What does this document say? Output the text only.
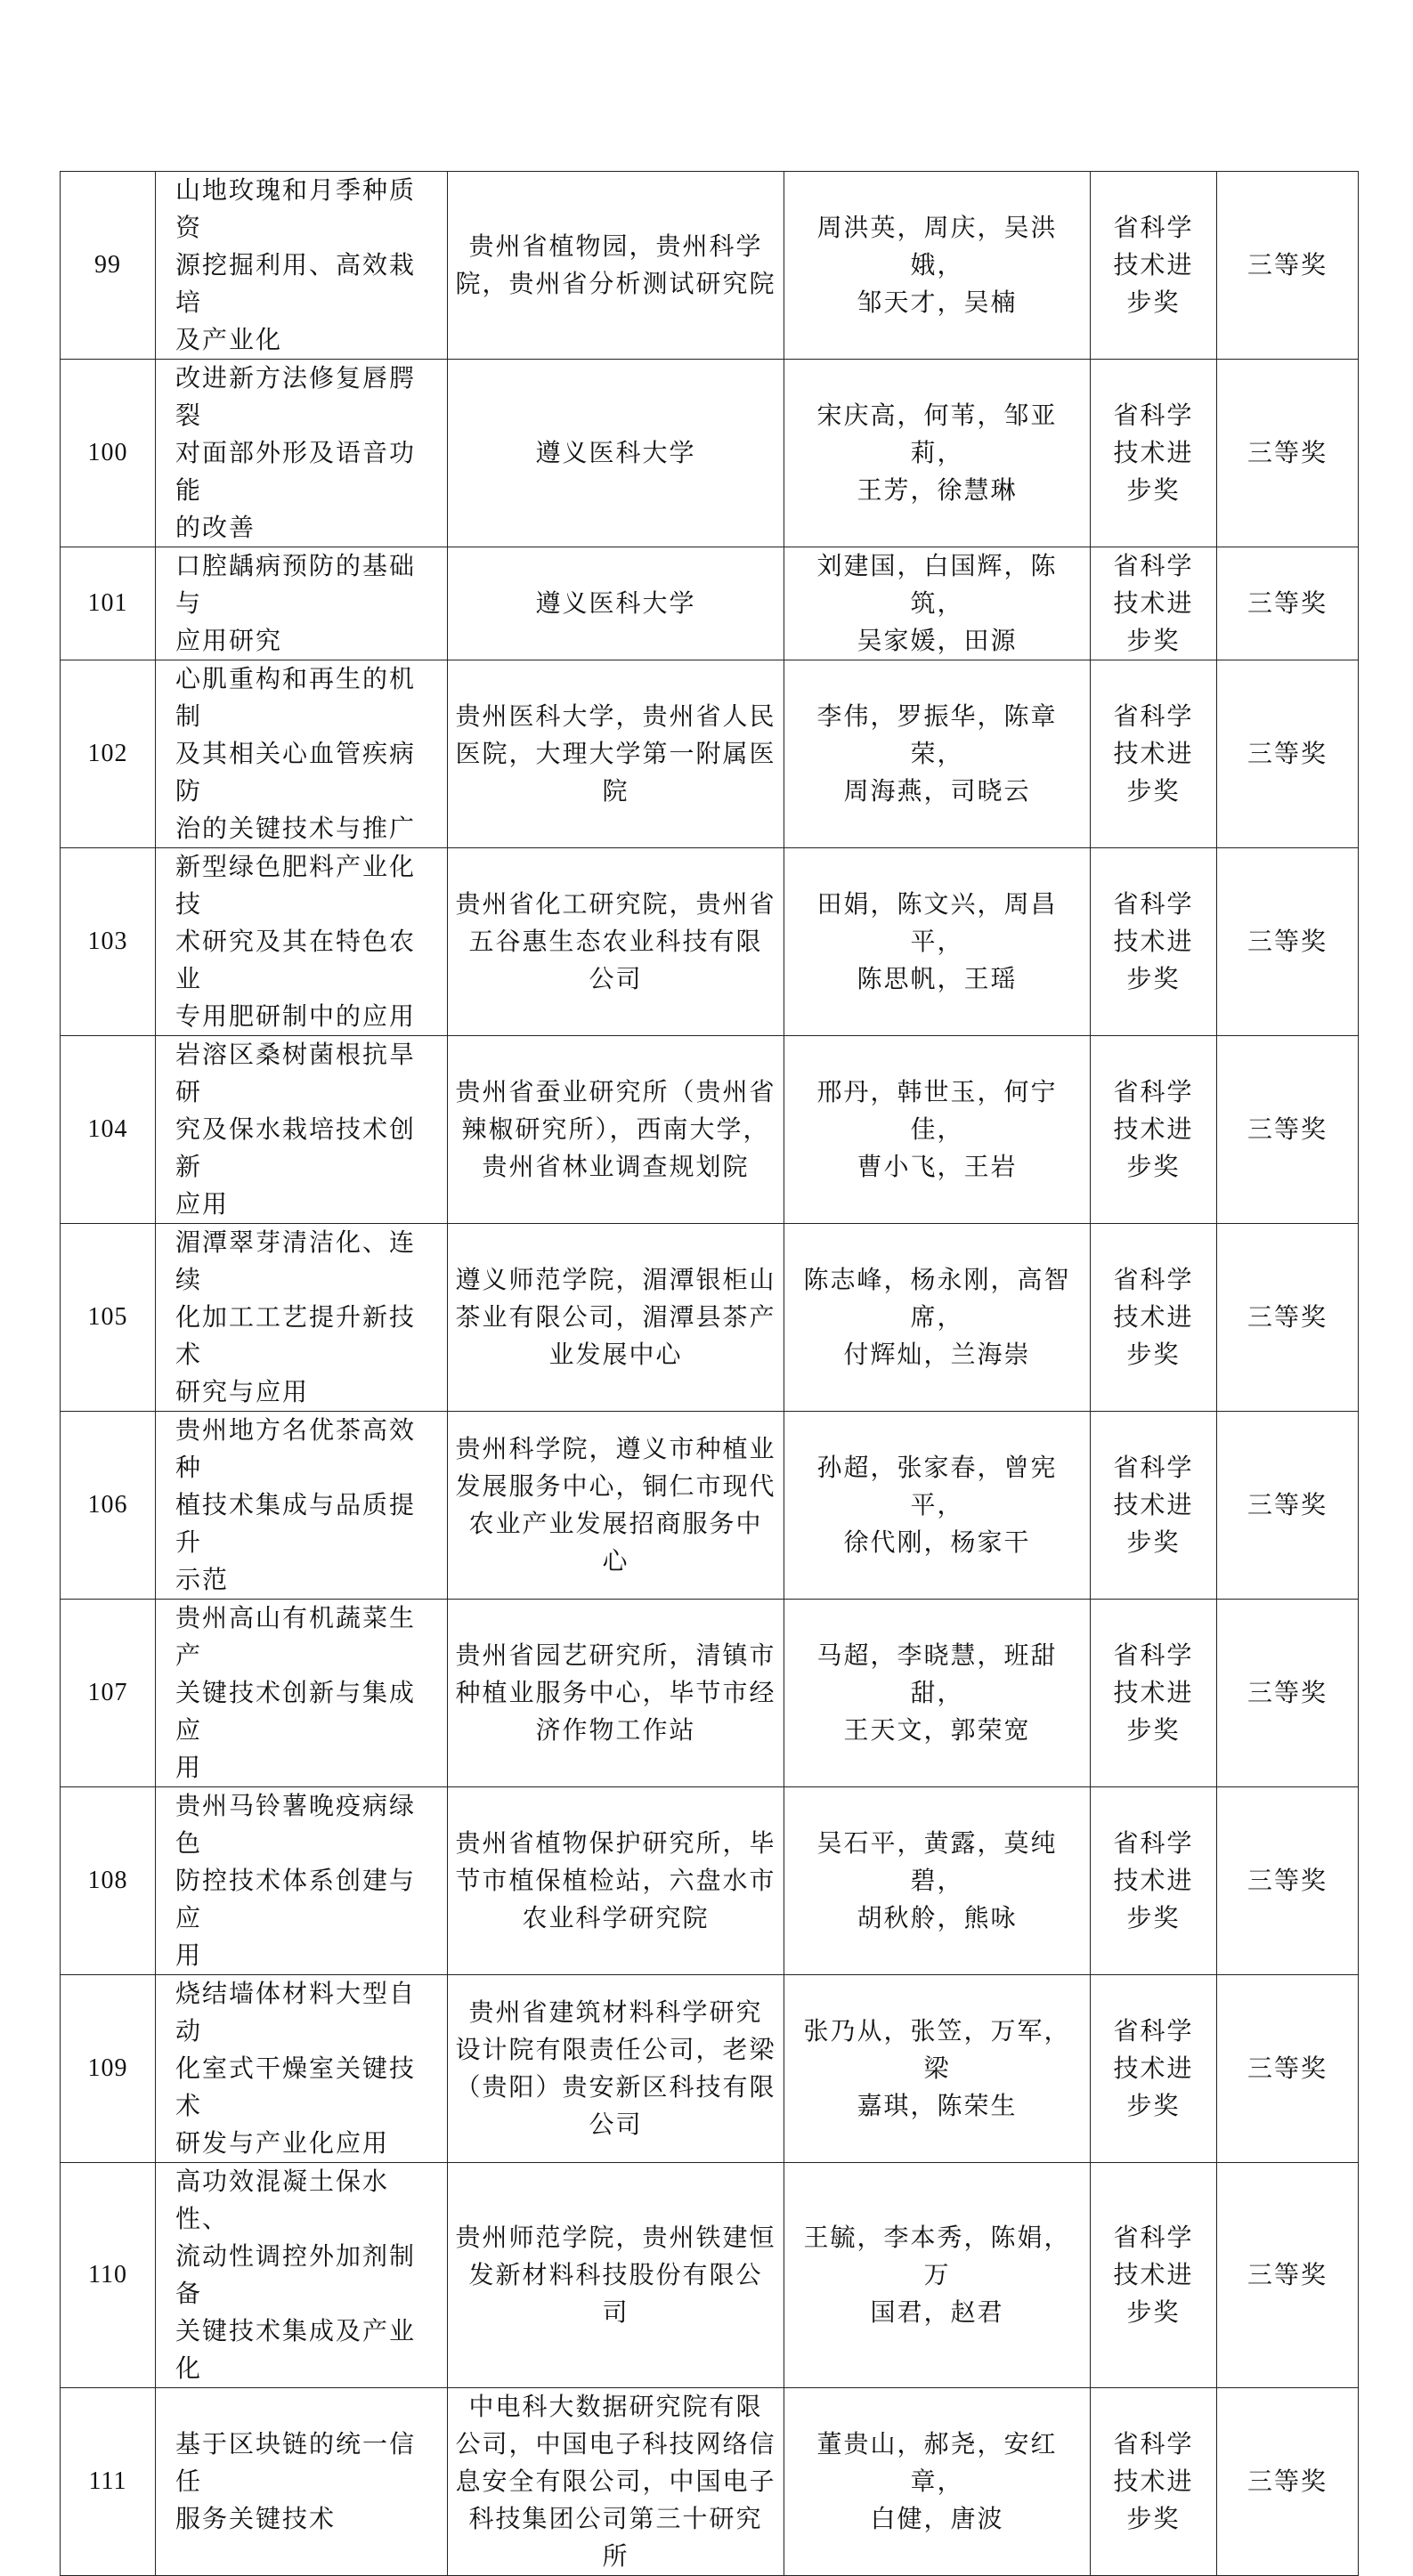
99	山地玫瑰和月季种质资
源挖掘利用、高效栽培
及产业化	贵州省植物园，贵州科学
院，贵州省分析测试研究院	周洪英，周庆，吴洪娥，
邹天才，吴楠	省科学
技术进
步奖	三等奖
100	改进新方法修复唇腭裂
对面部外形及语音功能
的改善	遵义医科大学	宋庆高，何苇，邹亚莉，
王芳，徐慧琳	省科学
技术进
步奖	三等奖
101	口腔龋病预防的基础与
应用研究	遵义医科大学	刘建国，白国辉，陈筑，
吴家媛，田源	省科学
技术进
步奖	三等奖
102	心肌重构和再生的机制
及其相关心血管疾病防
治的关键技术与推广	贵州医科大学，贵州省人民
医院，大理大学第一附属医
院	李伟，罗振华，陈章荣，
周海燕，司晓云	省科学
技术进
步奖	三等奖
103	新型绿色肥料产业化技
术研究及其在特色农业
专用肥研制中的应用	贵州省化工研究院，贵州省
五谷惠生态农业科技有限
公司	田娟，陈文兴，周昌平，
陈思帆，王瑶	省科学
技术进
步奖	三等奖
104	岩溶区桑树菌根抗旱研
究及保水栽培技术创新
应用	贵州省蚕业研究所（贵州省
辣椒研究所），西南大学，
贵州省林业调查规划院	邢丹，韩世玉，何宁佳，
曹小飞，王岩	省科学
技术进
步奖	三等奖
105	湄潭翠芽清洁化、连续
化加工工艺提升新技术
研究与应用	遵义师范学院，湄潭银柜山
茶业有限公司，湄潭县茶产
业发展中心	陈志峰，杨永刚，高智席，
付辉灿，兰海崇	省科学
技术进
步奖	三等奖
106	贵州地方名优茶高效种
植技术集成与品质提升
示范	贵州科学院，遵义市种植业
发展服务中心，铜仁市现代
农业产业发展招商服务中
心	孙超，张家春，曾宪平，
徐代刚，杨家干	省科学
技术进
步奖	三等奖
107	贵州高山有机蔬菜生产
关键技术创新与集成应
用	贵州省园艺研究所，清镇市
种植业服务中心，毕节市经
济作物工作站	马超，李晓慧，班甜甜，
王天文，郭荣宽	省科学
技术进
步奖	三等奖
108	贵州马铃薯晚疫病绿色
防控技术体系创建与应
用	贵州省植物保护研究所，毕
节市植保植检站，六盘水市
农业科学研究院	吴石平，黄露，莫纯碧，
胡秋舲，熊咏	省科学
技术进
步奖	三等奖
109	烧结墙体材料大型自动
化室式干燥室关键技术
研发与产业化应用	贵州省建筑材料科学研究
设计院有限责任公司，老梁
（贵阳）贵安新区科技有限
公司	张乃从，张笠，万军，梁
嘉琪，陈荣生	省科学
技术进
步奖	三等奖
110	高功效混凝土保水性、
流动性调控外加剂制备
关键技术集成及产业化	贵州师范学院，贵州铁建恒
发新材料科技股份有限公
司	王毓，李本秀，陈娟，万
国君，赵君	省科学
技术进
步奖	三等奖
111	基于区块链的统一信任
服务关键技术	中电科大数据研究院有限
公司，中国电子科技网络信
息安全有限公司，中国电子
科技集团公司第三十研究
所	董贵山，郝尧，安红章，
白健，唐波	省科学
技术进
步奖	三等奖
